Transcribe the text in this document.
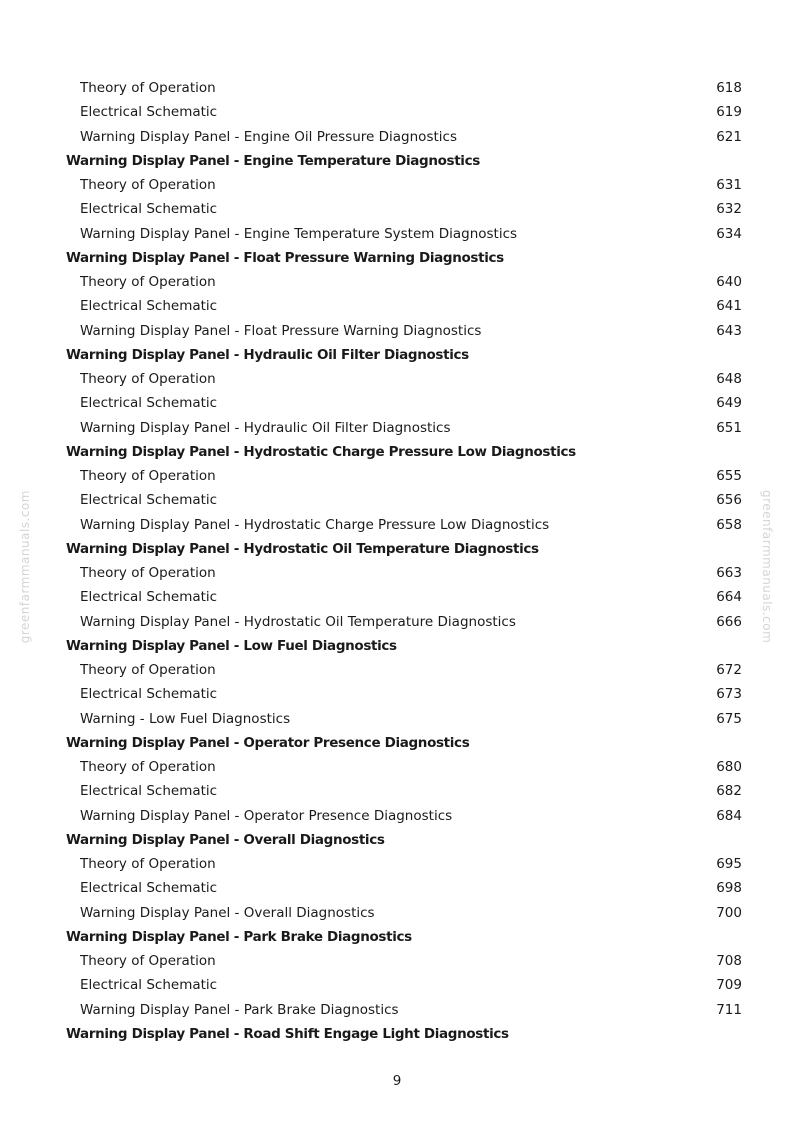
greenfarmmanuals.com	greenfarmmanuals.com
Theory of Operation	618
Electrical Schematic	619
Warning Display Panel - Engine Oil Pressure Diagnostics	621
Warning Display Panel - Engine Temperature Diagnostics
Theory of Operation	631
Electrical Schematic	632
Warning Display Panel - Engine Temperature System Diagnostics	634
Warning Display Panel - Float Pressure Warning Diagnostics
Theory of Operation	640
Electrical Schematic	641
Warning Display Panel - Float Pressure Warning Diagnostics	643
Warning Display Panel - Hydraulic Oil Filter Diagnostics
Theory of Operation	648
Electrical Schematic	649
Warning Display Panel - Hydraulic Oil Filter Diagnostics	651
Warning Display Panel - Hydrostatic Charge Pressure Low Diagnostics
Theory of Operation	655
Electrical Schematic	656
Warning Display Panel - Hydrostatic Charge Pressure Low Diagnostics	658
Warning Display Panel - Hydrostatic Oil Temperature Diagnostics
Theory of Operation	663
Electrical Schematic	664
Warning Display Panel - Hydrostatic Oil Temperature Diagnostics	666
Warning Display Panel - Low Fuel Diagnostics
Theory of Operation	672
Electrical Schematic	673
Warning - Low Fuel Diagnostics	675
Warning Display Panel - Operator Presence Diagnostics
Theory of Operation	680
Electrical Schematic	682
Warning Display Panel - Operator Presence Diagnostics	684
Warning Display Panel - Overall Diagnostics
Theory of Operation	695
Electrical Schematic	698
Warning Display Panel - Overall Diagnostics	700
Warning Display Panel - Park Brake Diagnostics
Theory of Operation	708
Electrical Schematic	709
Warning Display Panel - Park Brake Diagnostics	711
Warning Display Panel - Road Shift Engage Light Diagnostics
9
